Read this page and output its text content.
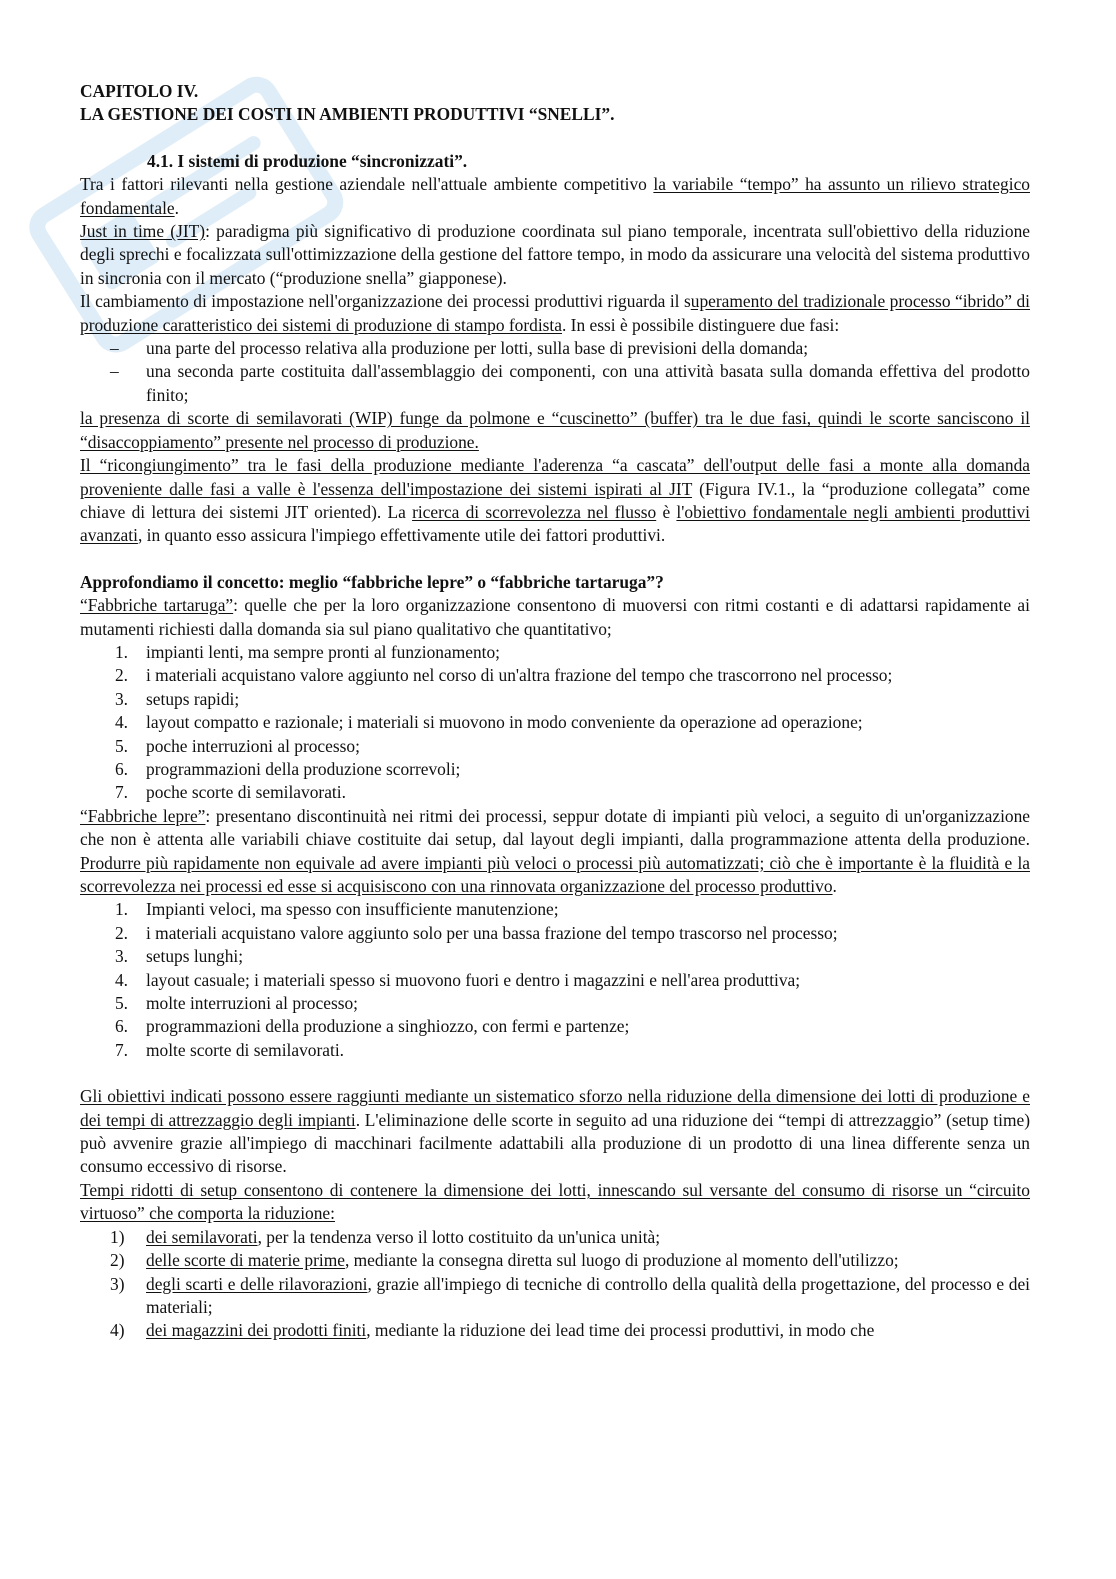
CAPITOLO IV.
LA GESTIONE DEI COSTI IN AMBIENTI PRODUTTIVI “SNELLI”.
4.1. I sistemi di produzione “sincronizzati”.

Tra i fattori rilevanti nella gestione aziendale nell'attuale ambiente competitivo la variabile “tempo” ha assunto un rilievo strategico fondamentale.

Just in time (JIT): paradigma più significativo di produzione coordinata sul piano temporale, incentrata sull'obiettivo della riduzione degli sprechi e focalizzata sull'ottimizzazione della gestione del fattore tempo, in modo da assicurare una velocità del sistema produttivo in sincronia con il mercato (“produzione snella” giapponese).

Il cambiamento di impostazione nell'organizzazione dei processi produttivi riguarda il superamento del tradizionale processo “ibrido” di produzione caratteristico dei sistemi di produzione di stampo fordista. In essi è possibile distinguere due fasi:

– una parte del processo relativa alla produzione per lotti, sulla base di previsioni della domanda;
– una seconda parte costituita dall'assemblaggio dei componenti, con una attività basata sulla domanda effettiva del prodotto finito;

la presenza di scorte di semilavorati (WIP) funge da polmone e “cuscinetto” (buffer) tra le due fasi, quindi le scorte sanciscono il “disaccoppiamento” presente nel processo di produzione.

Il “ricongiungimento” tra le fasi della produzione mediante l'aderenza “a cascata” dell'output delle fasi a monte alla domanda proveniente dalle fasi a valle è l'essenza dell'impostazione dei sistemi ispirati al JIT (Figura IV.1., la “produzione collegata” come chiave di lettura dei sistemi JIT oriented). La ricerca di scorrevolezza nel flusso è l'obiettivo fondamentale negli ambienti produttivi avanzati, in quanto esso assicura l'impiego effettivamente utile dei fattori produttivi.

Approfondiamo il concetto: meglio “fabbriche lepre” o “fabbriche tartaruga”?

“Fabbriche tartaruga”: quelle che per la loro organizzazione consentono di muoversi con ritmi costanti e di adattarsi rapidamente ai mutamenti richiesti dalla domanda sia sul piano qualitativo che quantitativo;

1. impianti lenti, ma sempre pronti al funzionamento;
2. i materiali acquistano valore aggiunto nel corso di un'altra frazione del tempo che trascorrono nel processo;
3. setups rapidi;
4. layout compatto e razionale; i materiali si muovono in modo conveniente da operazione ad operazione;
5. poche interruzioni al processo;
6. programmazioni della produzione scorrevoli;
7. poche scorte di semilavorati.

“Fabbriche lepre”: presentano discontinuità nei ritmi dei processi, seppur dotate di impianti più veloci, a seguito di un'organizzazione che non è attenta alle variabili chiave costituite dai setup, dal layout degli impianti, dalla programmazione attenta della produzione. Produrre più rapidamente non equivale ad avere impianti più veloci o processi più automatizzati; ciò che è importante è la fluidità e la scorrevolezza nei processi ed esse si acquisiscono con una rinnovata organizzazione del processo produttivo.

1. Impianti veloci, ma spesso con insufficiente manutenzione;
2. i materiali acquistano valore aggiunto solo per una bassa frazione del tempo trascorso nel processo;
3. setups lunghi;
4. layout casuale; i materiali spesso si muovono fuori e dentro i magazzini e nell'area produttiva;
5. molte interruzioni al processo;
6. programmazioni della produzione a singhiozzo, con fermi e partenze;
7. molte scorte di semilavorati.

Gli obiettivi indicati possono essere raggiunti mediante un sistematico sforzo nella riduzione della dimensione dei lotti di produzione e dei tempi di attrezzaggio degli impianti. L'eliminazione delle scorte in seguito ad una riduzione dei “tempi di attrezzaggio” (setup time) può avvenire grazie all'impiego di macchinari facilmente adattabili alla produzione di un prodotto di una linea differente senza un consumo eccessivo di risorse.

Tempi ridotti di setup consentono di contenere la dimensione dei lotti, innescando sul versante del consumo di risorse un “circuito virtuoso” che comporta la riduzione:

1) dei semilavorati, per la tendenza verso il lotto costituito da un'unica unità;
2) delle scorte di materie prime, mediante la consegna diretta sul luogo di produzione al momento dell'utilizzo;
3) degli scarti e delle rilavorazioni, grazie all'impiego di tecniche di controllo della qualità della progettazione, del processo e dei materiali;
4) dei magazzini dei prodotti finiti, mediante la riduzione dei lead time dei processi produttivi, in modo che
